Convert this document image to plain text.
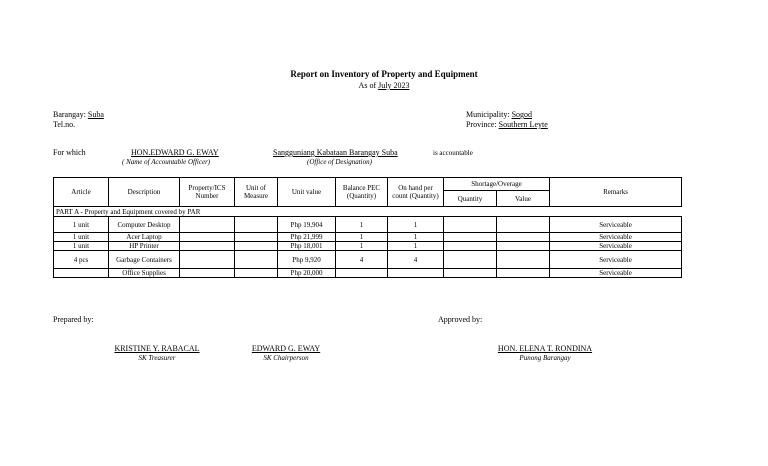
Report on Inventory of Property and Equipment
As of July 2023
Barangay: Suba
Tel.no.
Municipality: Sogod
Province: Southern Leyte
For which	HON.EDWARD G. EWAY
( Name of Accountable Officer)
Sangguniang Kabataan Barangay Suba
(Office of Designation)
is accountable
Article	Description	Property/ICS Number	Unit of Measure	Unit value	Balance PEC (Quantity)	On hand per count (Quantity)	Shortage/Overage		Remarks
							Quantity	Value	
PART A - Property and Equipment covered by PAR									
1 unit	Computer Desktop			Php 19,904	1	1			Serviceable
1 unit	Acer Laptop			Php 21,999	1	1			Serviceable
1 unit	HP Printer			Php 18,001	1	1			Serviceable
4 pcs	Garbage Containers			Php 9,920	4	4			Serviceable
	Office Supplies			Php 20,000					Serviceable
Prepared by:	Approved by:
KRISTINE Y. RABACAL
SK Treasurer
EDWARD G. EWAY
SK Chairperson
HON. ELENA T. RONDINA
Punong Barangay
